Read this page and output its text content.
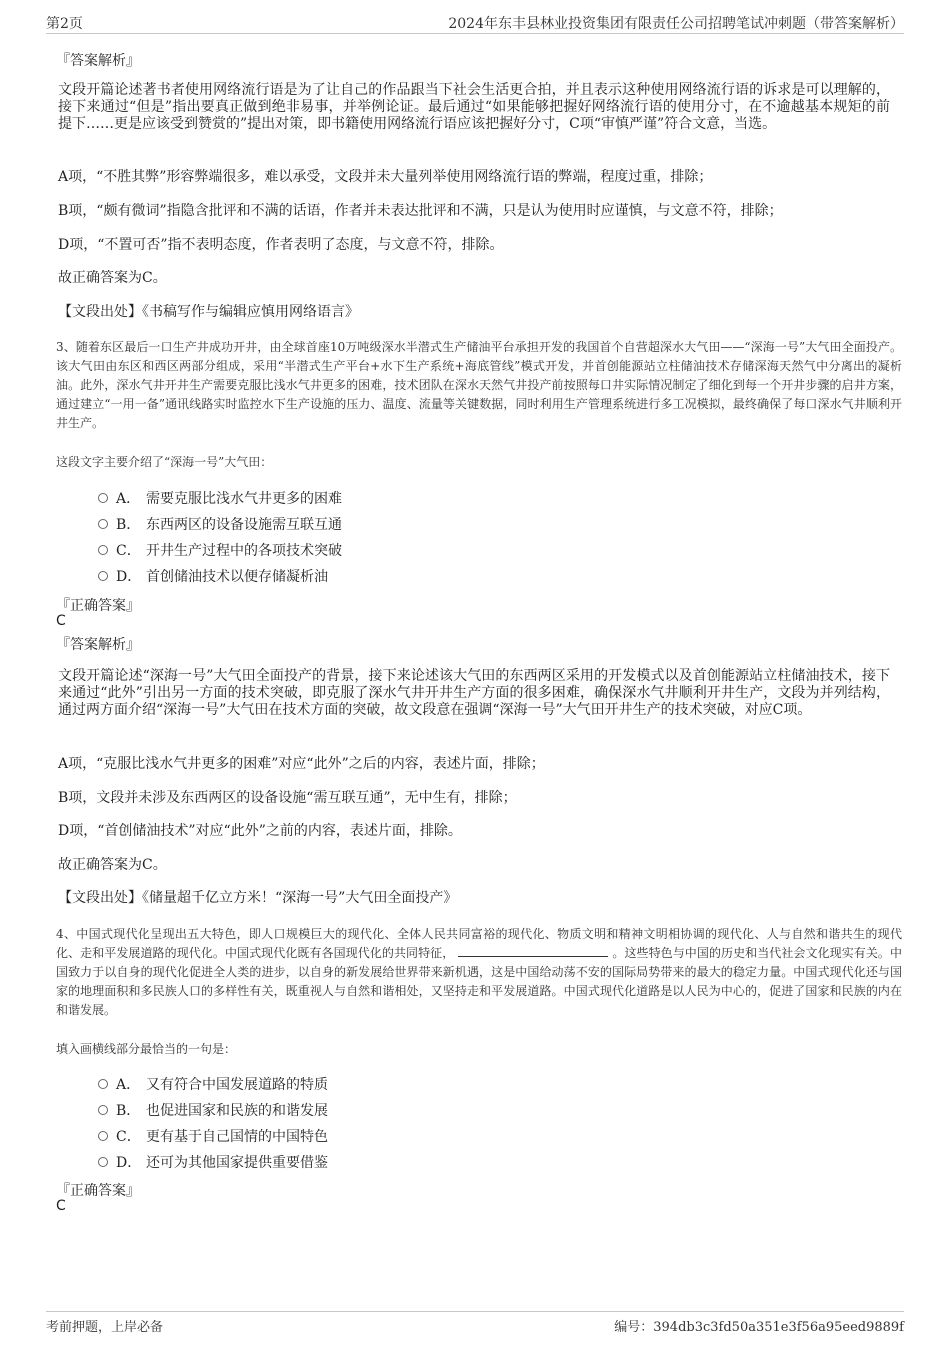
第2页	2024年东丰县林业投资集团有限责任公司招聘笔试冲刺题（带答案解析）
『答案解析』
文段开篇论述著书者使用网络流行语是为了让自己的作品跟当下社会生活更合拍，并且表示这种使用网络流行语的诉求是可以理解的，接下来通过“但是”指出要真正做到绝非易事，并举例论证。最后通过“如果能够把握好网络流行语的使用分寸，在不逾越基本规矩的前提下……更是应该受到赞赏的”提出对策，即书籍使用网络流行语应该把握好分寸，C项“审慎严谨”符合文意，当选。
A项，“不胜其弊”形容弊端很多，难以承受，文段并未大量列举使用网络流行语的弊端，程度过重，排除；
B项，“颇有微词”指隐含批评和不满的话语，作者并未表达批评和不满，只是认为使用时应谨慎，与文意不符，排除；
D项，“不置可否”指不表明态度，作者表明了态度，与文意不符，排除。
故正确答案为C。
【文段出处】《书稿写作与编辑应慎用网络语言》
3、随着东区最后一口生产井成功开井，由全球首座10万吨级深水半潜式生产储油平台承担开发的我国首个自营超深水大气田——“深海一号”大气田全面投产。该大气田由东区和西区两部分组成，采用“半潜式生产平台+水下生产系统+海底管线”模式开发，并首创能源站立柱储油技术存储深海天然气中分离出的凝析油。此外，深水气井开井生产需要克服比浅水气井更多的困难，技术团队在深水天然气井投产前按照每口井实际情况制定了细化到每一个开井步骤的启井方案，通过建立“一用一备”通讯线路实时监控水下生产设施的压力、温度、流量等关键数据，同时利用生产管理系统进行多工况模拟，最终确保了每口深水气井顺利开井生产。
这段文字主要介绍了“深海一号”大气田：
A． 需要克服比浅水气井更多的困难
B． 东西两区的设备设施需互联互通
C． 开井生产过程中的各项技术突破
D． 首创储油技术以便存储凝析油
『正确答案』
C
『答案解析』
文段开篇论述“深海一号”大气田全面投产的背景，接下来论述该大气田的东西两区采用的开发模式以及首创能源站立柱储油技术，接下来通过“此外”引出另一方面的技术突破，即克服了深水气井开井生产方面的很多困难，确保深水气井顺利开井生产，文段为并列结构，通过两方面介绍“深海一号”大气田在技术方面的突破，故文段意在强调“深海一号”大气田开井生产的技术突破，对应C项。
A项，“克服比浅水气井更多的困难”对应“此外”之后的内容，表述片面，排除；
B项，文段并未涉及东西两区的设备设施“需互联互通”，无中生有，排除；
D项，“首创储油技术”对应“此外”之前的内容，表述片面，排除。
故正确答案为C。
【文段出处】《储量超千亿立方米！“深海一号”大气田全面投产》
4、中国式现代化呈现出五大特色，即人口规模巨大的现代化、全体人民共同富裕的现代化、物质文明和精神文明相协调的现代化、人与自然和谐共生的现代化、走和平发展道路的现代化。中国式现代化既有各国现代化的共同特征，	。这些特色与中国的历史和当代社会文化现实有关。中国致力于以自身的现代化促进全人类的进步，以自身的新发展给世界带来新机遇，这是中国给动荡不安的国际局势带来的最大的稳定力量。中国式现代化还与国家的地理面积和多民族人口的多样性有关，既重视人与自然和谐相处，又坚持走和平发展道路。中国式现代化道路是以人民为中心的，促进了国家和民族的内在和谐发展。
填入画横线部分最恰当的一句是：
A． 又有符合中国发展道路的特质
B． 也促进国家和民族的和谐发展
C． 更有基于自己国情的中国特色
D． 还可为其他国家提供重要借鉴
『正确答案』
C
考前押题，上岸必备	编号：394db3c3fd50a351e3f56a95eed9889f
